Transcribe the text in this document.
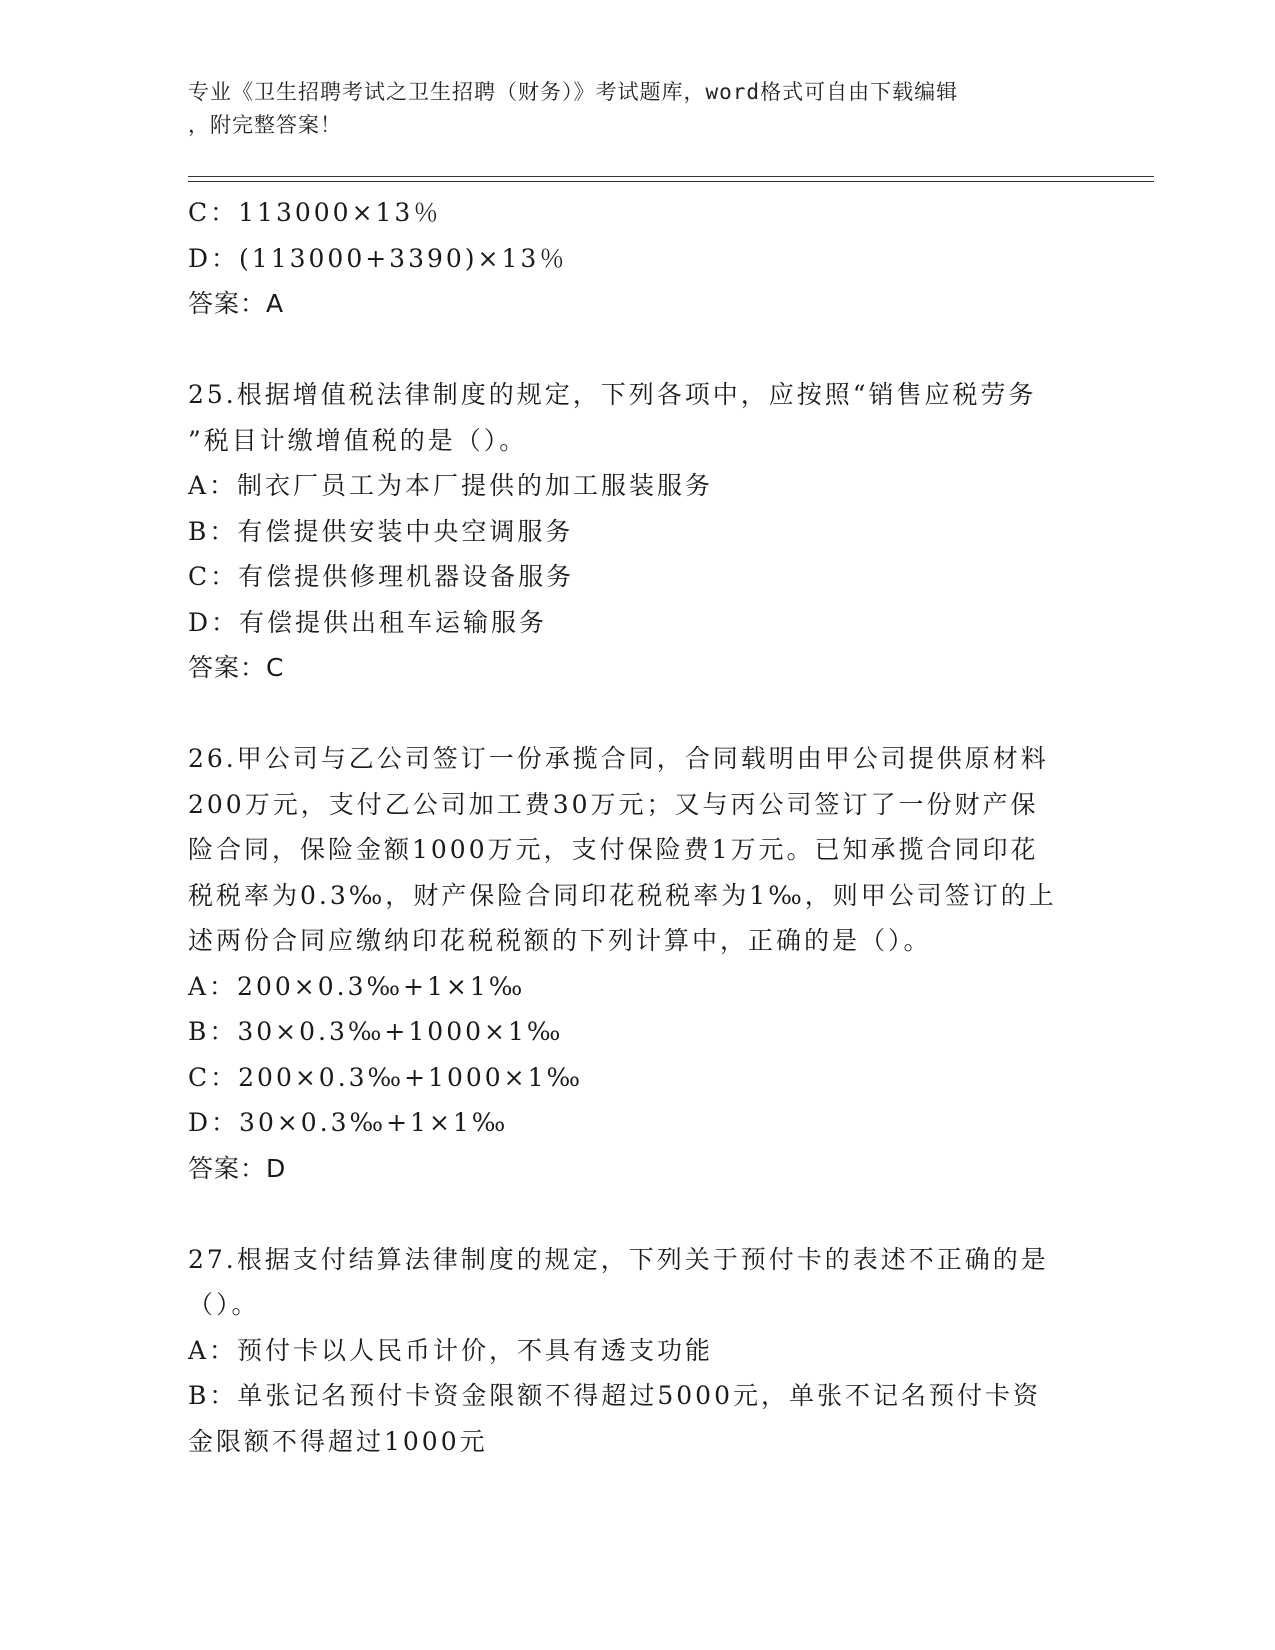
专业《卫生招聘考试之卫生招聘（财务）》考试题库，word格式可自由下载编辑
，附完整答案！
C：113000×13％
D：(113000+3390)×13％
答案：A
25.根据增值税法律制度的规定，下列各项中，应按照“销售应税劳务
”税目计缴增值税的是（）。
A：制衣厂员工为本厂提供的加工服装服务
B：有偿提供安装中央空调服务
C：有偿提供修理机器设备服务
D：有偿提供出租车运输服务
答案：C
26.甲公司与乙公司签订一份承揽合同，合同载明由甲公司提供原材料
200万元，支付乙公司加工费30万元；又与丙公司签订了一份财产保
险合同，保险金额1000万元，支付保险费1万元。已知承揽合同印花
税税率为0.3‰，财产保险合同印花税税率为1‰，则甲公司签订的上
述两份合同应缴纳印花税税额的下列计算中，正确的是（）。
A：200×0.3‰+1×1‰
B：30×0.3‰+1000×1‰
C：200×0.3‰+1000×1‰
D：30×0.3‰+1×1‰
答案：D
27.根据支付结算法律制度的规定，下列关于预付卡的表述不正确的是
（）。
A：预付卡以人民币计价，不具有透支功能
B：单张记名预付卡资金限额不得超过5000元，单张不记名预付卡资
金限额不得超过1000元
